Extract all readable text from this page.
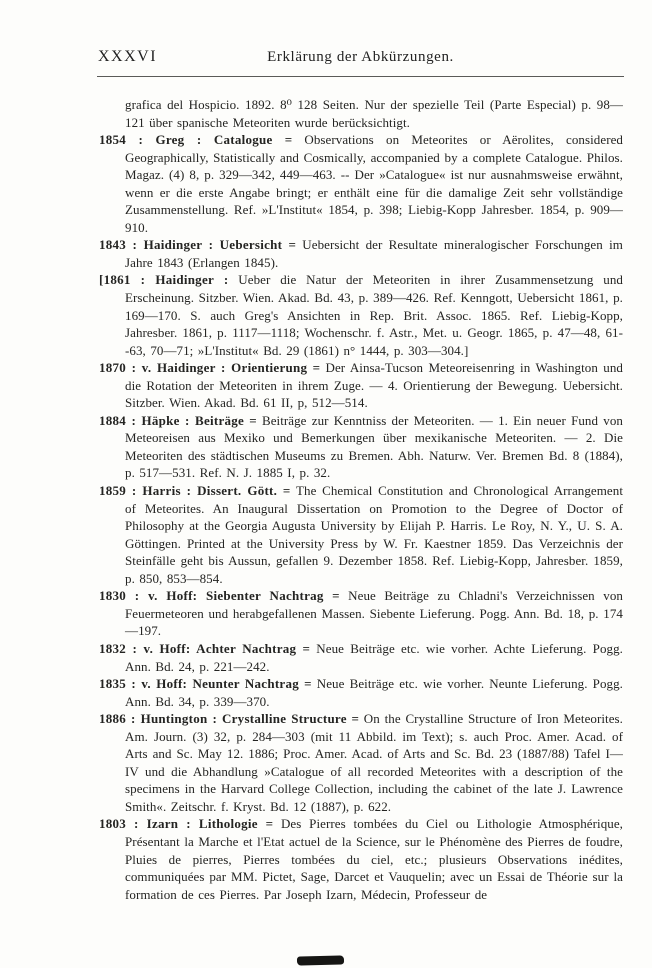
XXXVI	Erklärung der Abkürzungen.

grafica del Hospicio. 1892. 8⁰ 128 Seiten. Nur der spezielle Teil (Parte Especial) p. 98—121 über spanische Meteoriten wurde berücksichtigt.

1854 : Greg : Catalogue = Observations on Meteorites or Aërolites, considered Geographically, Statistically and Cosmically, accompanied by a complete Catalogue. Philos. Magaz. (4) 8, p. 329—342, 449—463. -- Der »Catalogue« ist nur ausnahmsweise erwähnt, wenn er die erste Angabe bringt; er enthält eine für die damalige Zeit sehr vollständige Zusammenstellung. Ref. »L'Institut« 1854, p. 398; Liebig-Kopp Jahresber. 1854, p. 909—910.

1843 : Haidinger : Uebersicht = Uebersicht der Resultate mineralogischer Forschungen im Jahre 1843 (Erlangen 1845).

[1861 : Haidinger : Ueber die Natur der Meteoriten in ihrer Zusammensetzung und Erscheinung. Sitzber. Wien. Akad. Bd. 43, p. 389—426. Ref. Kenngott, Uebersicht 1861, p. 169—170. S. auch Greg's Ansichten in Rep. Brit. Assoc. 1865. Ref. Liebig-Kopp, Jahresber. 1861, p. 1117—1118; Wochenschr. f. Astr., Met. u. Geogr. 1865, p. 47—48, 61--63, 70—71; »L'Institut« Bd. 29 (1861) n° 1444, p. 303—304.]

1870 : v. Haidinger : Orientierung = Der Ainsa-Tucson Meteoreisenring in Washington und die Rotation der Meteoriten in ihrem Zuge. — 4. Orientierung der Bewegung. Uebersicht. Sitzber. Wien. Akad. Bd. 61 II, p, 512—514.

1884 : Häpke : Beiträge = Beiträge zur Kenntniss der Meteoriten. — 1. Ein neuer Fund von Meteoreisen aus Mexiko und Bemerkungen über mexikanische Meteoriten. — 2. Die Meteoriten des städtischen Museums zu Bremen. Abh. Naturw. Ver. Bremen Bd. 8 (1884), p. 517—531. Ref. N. J. 1885 I, p. 32.

1859 : Harris : Dissert. Gött. = The Chemical Constitution and Chronological Arrangement of Meteorites. An Inaugural Dissertation on Promotion to the Degree of Doctor of Philosophy at the Georgia Augusta University by Elijah P. Harris. Le Roy, N. Y., U. S. A. Göttingen. Printed at the University Press by W. Fr. Kaestner 1859. Das Verzeichnis der Steinfälle geht bis Aussun, gefallen 9. Dezember 1858. Ref. Liebig-Kopp, Jahresber. 1859, p. 850, 853—854.

1830 : v. Hoff: Siebenter Nachtrag = Neue Beiträge zu Chladni's Verzeichnissen von Feuermeteoren und herabgefallenen Massen. Siebente Lieferung. Pogg. Ann. Bd. 18, p. 174—197.

1832 : v. Hoff: Achter Nachtrag = Neue Beiträge etc. wie vorher. Achte Lieferung. Pogg. Ann. Bd. 24, p. 221—242.

1835 : v. Hoff: Neunter Nachtrag = Neue Beiträge etc. wie vorher. Neunte Lieferung. Pogg. Ann. Bd. 34, p. 339—370.

1886 : Huntington : Crystalline Structure = On the Crystalline Structure of Iron Meteorites. Am. Journ. (3) 32, p. 284—303 (mit 11 Abbild. im Text); s. auch Proc. Amer. Acad. of Arts and Sc. May 12. 1886; Proc. Amer. Acad. of Arts and Sc. Bd. 23 (1887/88) Tafel I—IV und die Abhandlung »Catalogue of all recorded Meteorites with a description of the specimens in the Harvard College Collection, including the cabinet of the late J. Lawrence Smith«. Zeitschr. f. Kryst. Bd. 12 (1887), p. 622.

1803 : Izarn : Lithologie = Des Pierres tombées du Ciel ou Lithologie Atmosphérique, Présentant la Marche et l'Etat actuel de la Science, sur le Phénomène des Pierres de foudre, Pluies de pierres, Pierres tombées du ciel, etc.; plusieurs Observations inédites, communiquées par MM. Pictet, Sage, Darcet et Vauquelin; avec un Essai de Théorie sur la formation de ces Pierres. Par Joseph Izarn, Médecin, Professeur de
